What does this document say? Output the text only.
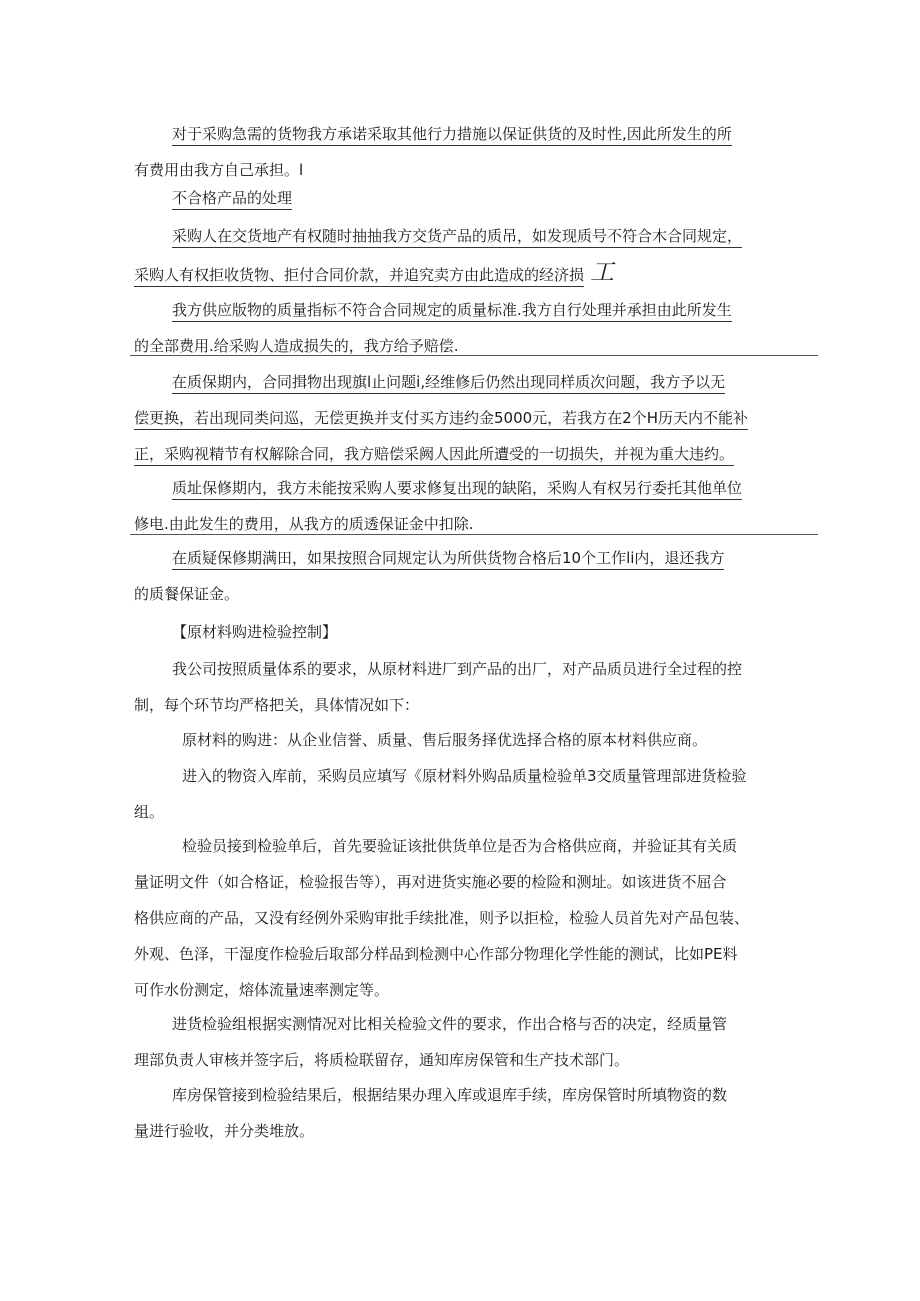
对于采购急需的货物我方承诺采取其他行力措施以保证供货的及时性,因此所发生的所
有费用由我方自己承担。l
不合格产品的处理
采购人在交货地产有权随时抽抽我方交货产品的质吊，如发现质号不符合木合同规定，
采购人有权拒收货物、拒付合同价款，并追究卖方由此造成的经济损 工
我方供应版物的质量指标不符合合同规定的质量标准.我方自行处理并承担由此所发生
的全部费用.给采购人造成损失的，我方给予赔偿.
在质保期内，合同揖物出现旗l止问题i,经维修后仍然出现同样质次问题，我方予以无
偿更换，若出现同类问巡，无偿更换并支付买方违约金5000元，若我方在2个H历天内不能补
正，采购视精节有权解除合同，我方赔偿采阙人因此所遭受的一切损失，并视为重大违约。
质址保修期内，我方未能按采购人要求修复出现的缺陷，采购人有权另行委托其他单位
修电.由此发生的费用，从我方的质透保证金中扣除.
在质疑保修期满田，如果按照合同规定认为所供货物合格后10个工作li内，退还我方
的质餐保证金。
【原材料购进检验控制】
我公司按照质量体系的要求，从原材料进厂到产品的出厂，对产品质员进行全过程的控
制，每个环节均严格把关，具体情况如下：
原材料的购进：从企业信誉、质量、售后服务择优选择合格的原本材料供应商。
进入的物资入库前，采购员应填写《原材料外购品质量检验单3交质量管理部进货检验
组。
检验员接到检验单后，首先要验证该批供货单位是否为合格供应商，并验证其有关质
量证明文件（如合格证，检验报告等），再对进货实施必要的检险和测址。如该进货不屈合
格供应商的产品，又没有经例外采购审批手续批准，则予以拒检，检验人员首先对产品包装、
外观、色泽，干湿度作检验后取部分样品到检测中心作部分物理化学性能的测试，比如PE料
可作水份测定，熔体流量速率测定等。
进货检验组根据实测情况对比相关检验文件的要求，作出合格与否的决定，经质量管
理部负责人审核并签字后，将质检联留存，通知库房保管和生产技术部门。
库房保管接到检验结果后，根据结果办理入库或退库手续，库房保管时所填物资的数
量进行验收，并分类堆放。
